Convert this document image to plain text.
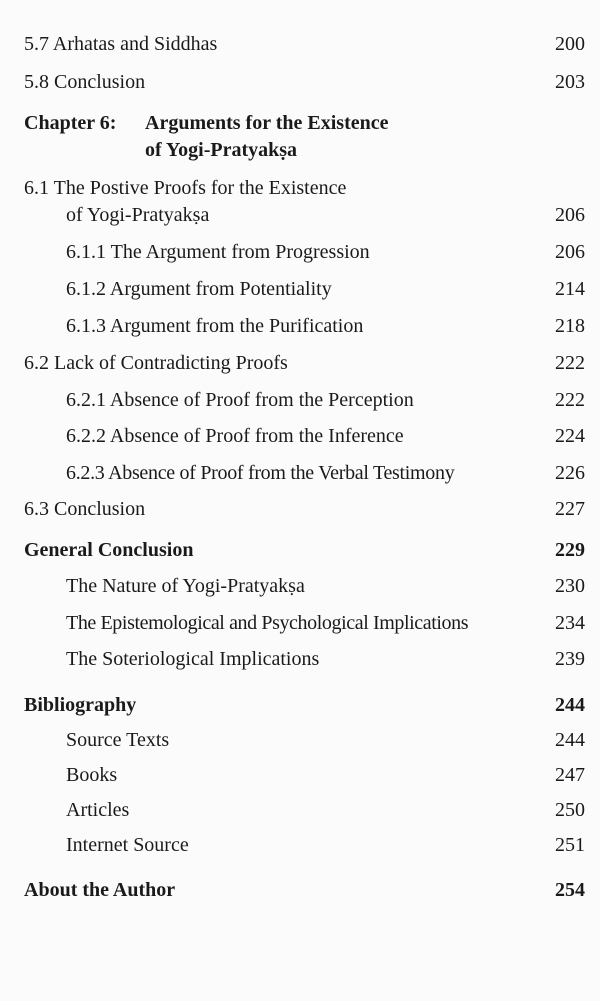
5.7 Arhatas and Siddhas	200
5.8 Conclusion	203
Chapter 6: Arguments for the Existence
of Yogi-Pratyakṣa
6.1 The Postive Proofs for the Existence
of Yogi-Pratyakṣa	206
6.1.1 The Argument from Progression	206
6.1.2 Argument from Potentiality	214
6.1.3 Argument from the Purification	218
6.2 Lack of Contradicting Proofs	222
6.2.1 Absence of Proof from the Perception	222
6.2.2 Absence of Proof from the Inference	224
6.2.3 Absence of Proof from the Verbal Testimony	226
6.3 Conclusion	227
General Conclusion	229
The Nature of Yogi-Pratyakṣa	230
The Epistemological and Psychological Implications	234
The Soteriological Implications	239
Bibliography	244
Source Texts	244
Books	247
Articles	250
Internet Source	251
About the Author	254
